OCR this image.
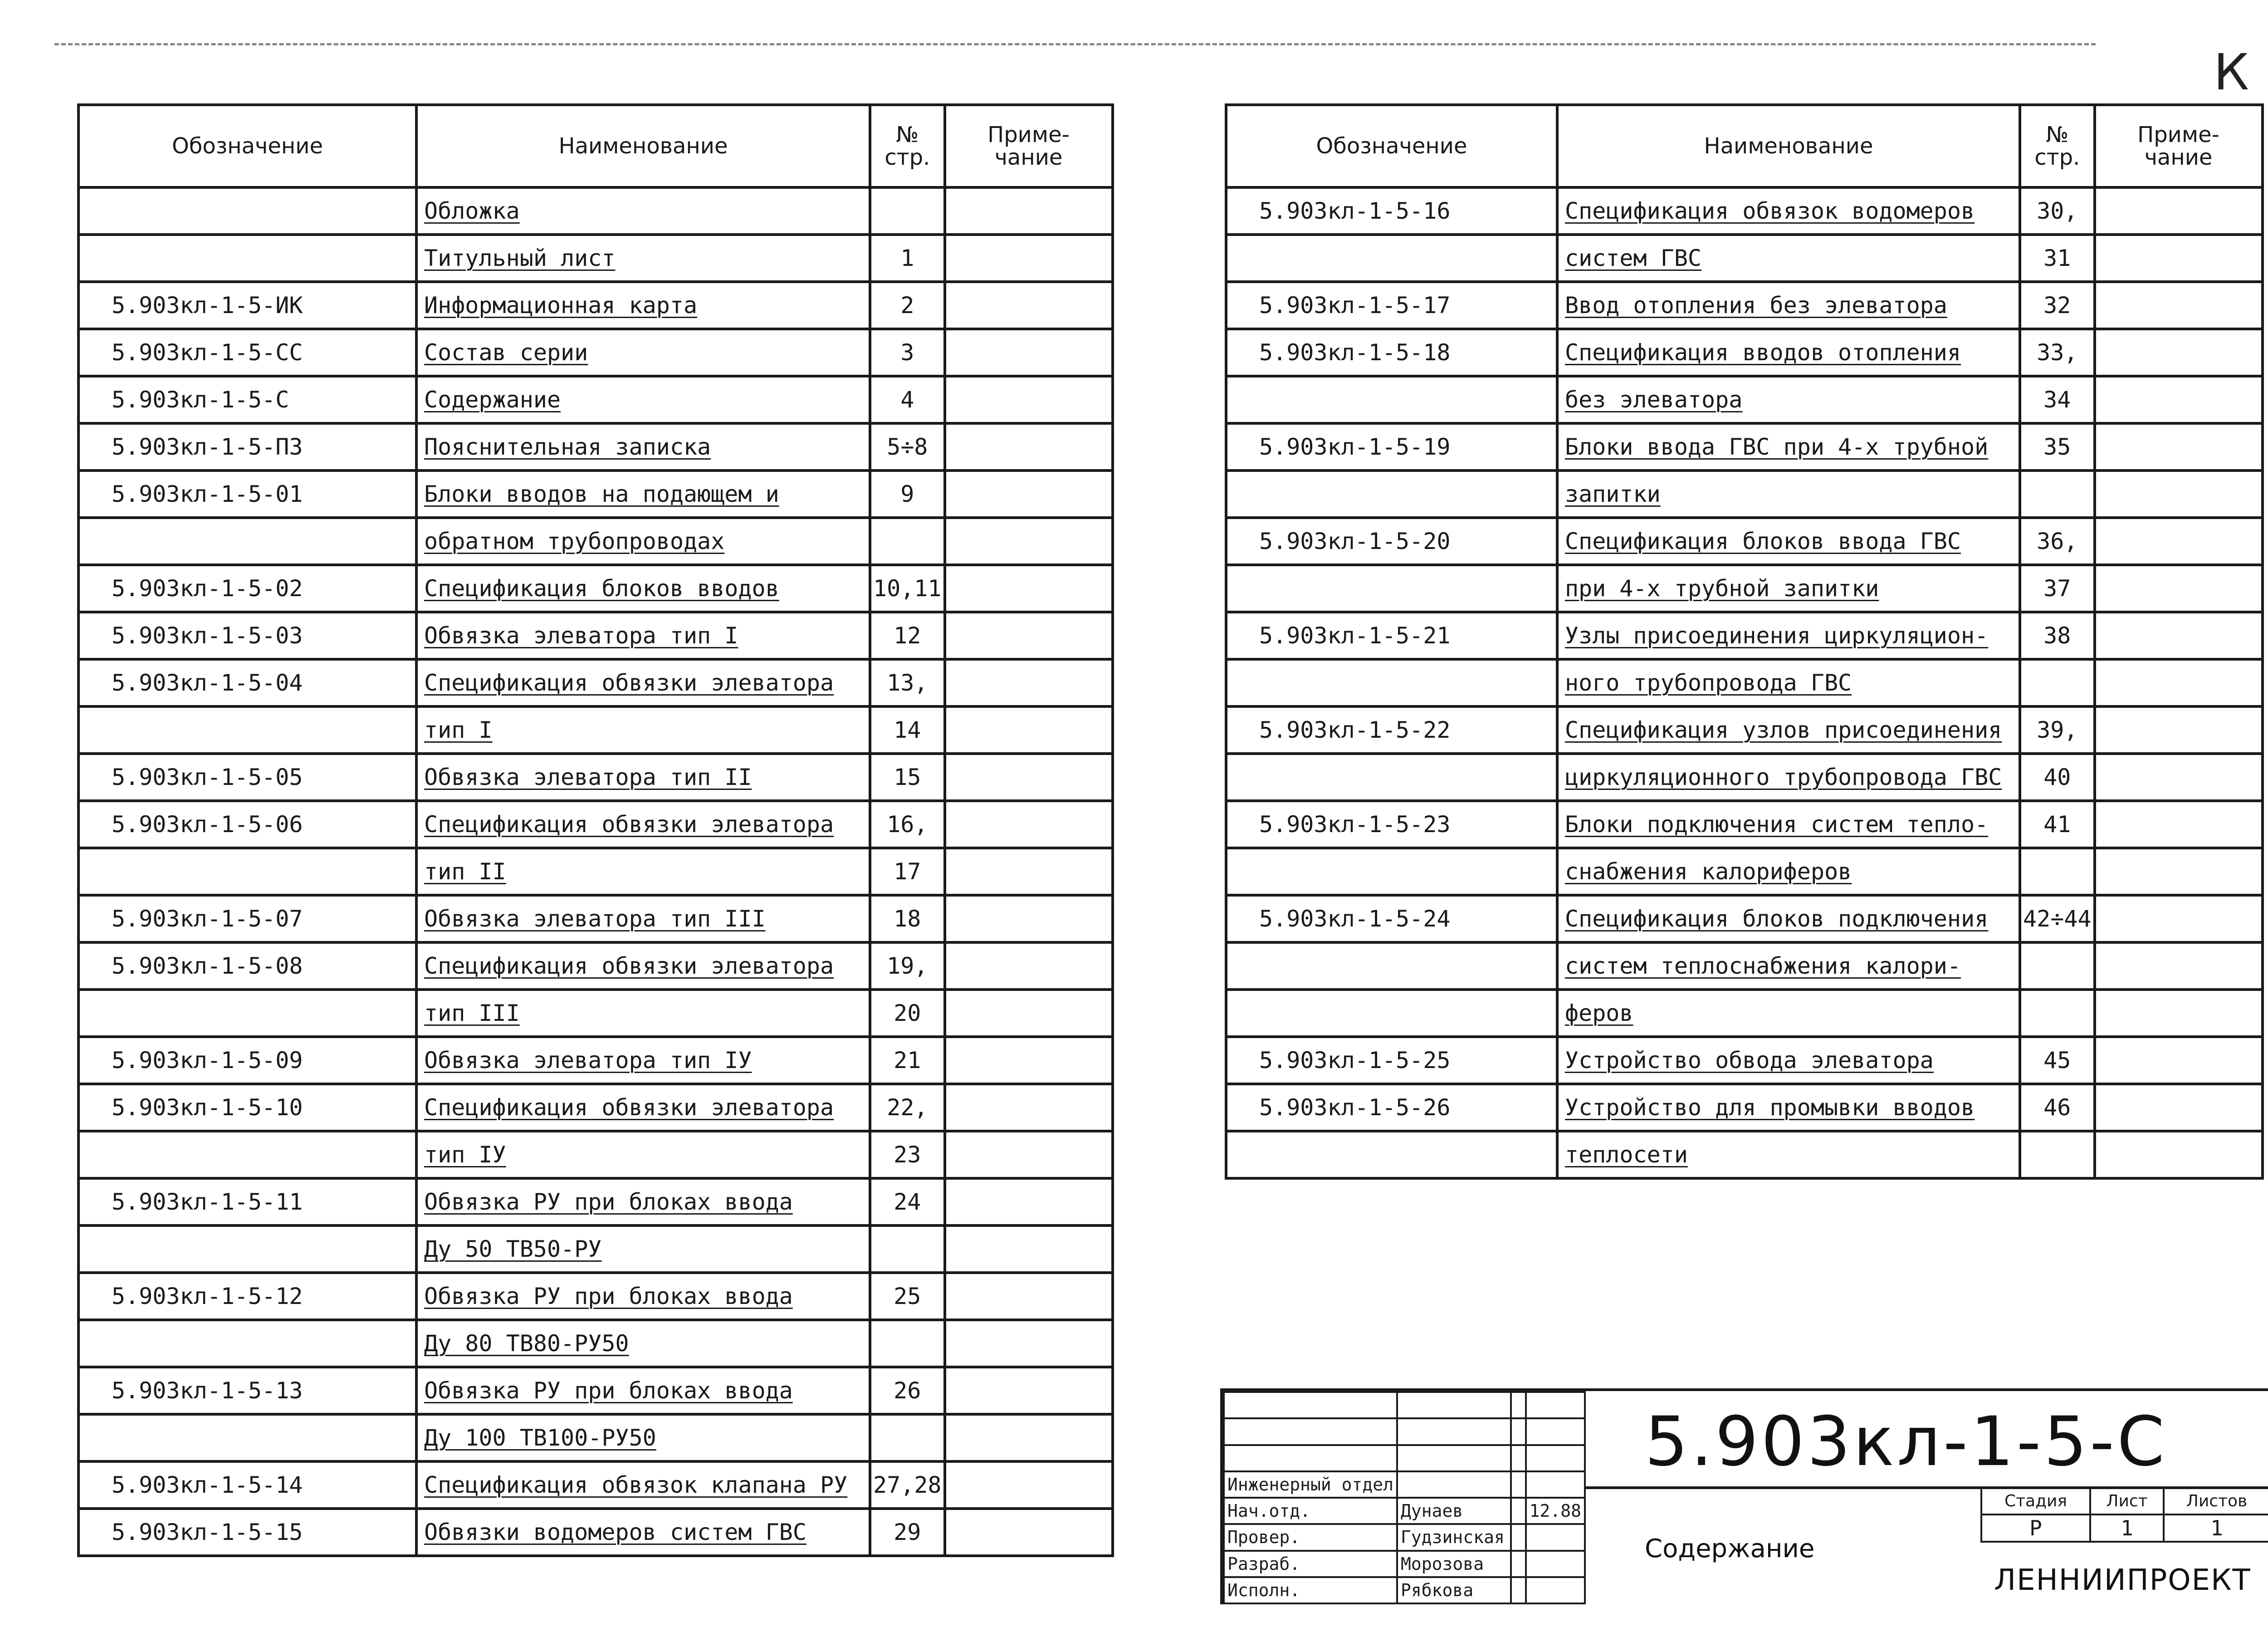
К
Обозначение	Наименование	№ стр.	Приме- чание
	Обложка		
	Титульный лист	1	
5.903кл-1-5-ИК	Информационная карта	2	
5.903кл-1-5-СС	Состав серии	3	
5.903кл-1-5-С	Содержание	4	
5.903кл-1-5-ПЗ	Пояснительная записка	5÷8	
5.903кл-1-5-01	Блоки вводов на подающем и	9	
	обратном трубопроводах		
5.903кл-1-5-02	Спецификация блоков вводов	10,11	
5.903кл-1-5-03	Обвязка элеватора тип I	12	
5.903кл-1-5-04	Спецификация обвязки элеватора	13,	
	тип I	14	
5.903кл-1-5-05	Обвязка элеватора тип II	15	
5.903кл-1-5-06	Спецификация обвязки элеватора	16,	
	тип II	17	
5.903кл-1-5-07	Обвязка элеватора тип III	18	
5.903кл-1-5-08	Спецификация обвязки элеватора	19,	
	тип III	20	
5.903кл-1-5-09	Обвязка элеватора тип IУ	21	
5.903кл-1-5-10	Спецификация обвязки элеватора	22,	
	тип IУ	23	
5.903кл-1-5-11	Обвязка РУ при блоках ввода	24	
	Ду 50 ТВ50-РУ		
5.903кл-1-5-12	Обвязка РУ при блоках ввода	25	
	Ду 80 ТВ80-РУ50		
5.903кл-1-5-13	Обвязка РУ при блоках ввода	26	
	Ду 100 ТВ100-РУ50		
5.903кл-1-5-14	Спецификация обвязок клапана РУ	27,28	
5.903кл-1-5-15	Обвязки водомеров систем ГВС	29	
Обозначение	Наименование	№ стр.	Приме- чание
5.903кл-1-5-16	Спецификация обвязок водомеров	30,	
	систем ГВС	31	
5.903кл-1-5-17	Ввод отопления без элеватора	32	
5.903кл-1-5-18	Спецификация вводов отопления	33,	
	без элеватора	34	
5.903кл-1-5-19	Блоки ввода ГВС при 4-х трубной	35	
	запитки		
5.903кл-1-5-20	Спецификация блоков ввода ГВС	36,	
	при 4-х трубной запитки	37	
5.903кл-1-5-21	Узлы присоединения циркуляцион-	38	
	ного трубопровода ГВС		
5.903кл-1-5-22	Спецификация узлов присоединения	39,	
	циркуляционного трубопровода ГВС	40	
5.903кл-1-5-23	Блоки подключения систем тепло-	41	
	снабжения калориферов		
5.903кл-1-5-24	Спецификация блоков подключения	42÷44	
	систем теплоснабжения калори-		
	феров		
5.903кл-1-5-25	Устройство обвода элеватора	45	
5.903кл-1-5-26	Устройство для промывки вводов	46	
	теплосети		

Инженерный отдел			
Нач.отд.	Дунаев		12.88
Провер.	Гудзинская		
Разраб.	Морозова		
Исполн.	Рябкова		
5.903кл-1-5-С
Содержание
Стадия	Лист	Листов
Р	1	1
ЛЕННИИПРОЕКТ
